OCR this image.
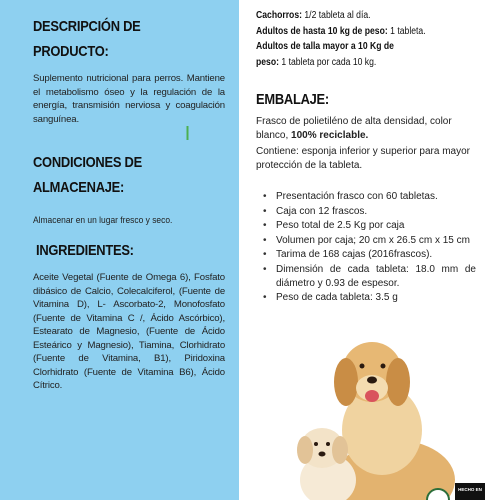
DESCRIPCIÓN DE
PRODUCTO:
Suplemento nutricional para perros. Mantiene el metabolismo óseo y la regulación de la energía, transmisión nerviosa y coagulación sanguínea.
CONDICIONES DE
ALMACENAJE:
Almacenar en un lugar fresco y seco.
INGREDIENTES:
Aceite Vegetal (Fuente de Omega 6), Fosfato dibásico de Calcio, Colecalciferol, (Fuente de Vitamina D), L- Ascorbato-2, Monofosfato (Fuente de Vitamina C /, Ácido Ascórbico), Estearato de Magnesio, (Fuente de Ácido Esteárico y Magnesio), Tiamina, Clorhidrato (Fuente de Vitamina, B1), Piridoxina Clorhidrato (Fuente de Vitamina B6), Ácido Cítrico.
Cachorros: 1/2 tableta al día.
Adultos de hasta 10 kg de peso: 1 tableta.
Adultos de talla mayor a 10 Kg de
peso: 1 tableta por cada 10 kg.
EMBALAJE:
Frasco de polietiléno de alta densidad, color blanco, 100% reciclable.
Contiene: esponja inferior y superior para mayor protección de la tableta.
• Presentación frasco con 60 tabletas.
• Caja con 12 frascos.
• Peso total de 2.5 Kg por caja
• Volumen por caja; 20 cm x 26.5 cm x 15 cm
• Tarima de 168 cajas (2016frascos).
• Dimensión de cada tableta: 18.0 mm de diámetro y 0.93 de espesor.
• Peso de cada tableta: 3.5 g
HECHO EN
